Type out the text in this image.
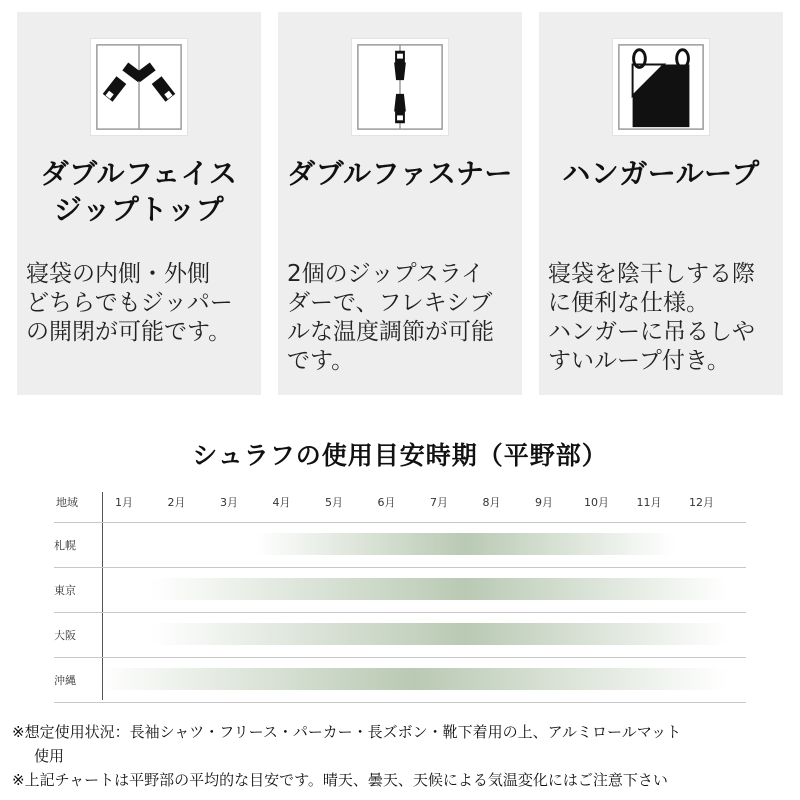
ダブルフェイス
ジップトップ
寝袋の内側・外側
どちらでもジッパー
の開閉が可能です。
ダブルファスナー
2個のジップスライ
ダーで、フレキシブ
ルな温度調節が可能
です。
ハンガーループ
寝袋を陰干しする際
に便利な仕様。
ハンガーに吊るしや
すいループ付き。
シュラフの使用目安時期（平野部）
地域	1月	2月	3月	4月	5月	6月	7月	8月	9月	10月	11月	12月
札幌
東京
大阪
沖縄
※想定使用状況：長袖シャツ・フリース・パーカー・長ズボン・靴下着用の上、アルミロールマット
使用
※上記チャートは平野部の平均的な目安です。晴天、曇天、天候による気温変化にはご注意下さい
